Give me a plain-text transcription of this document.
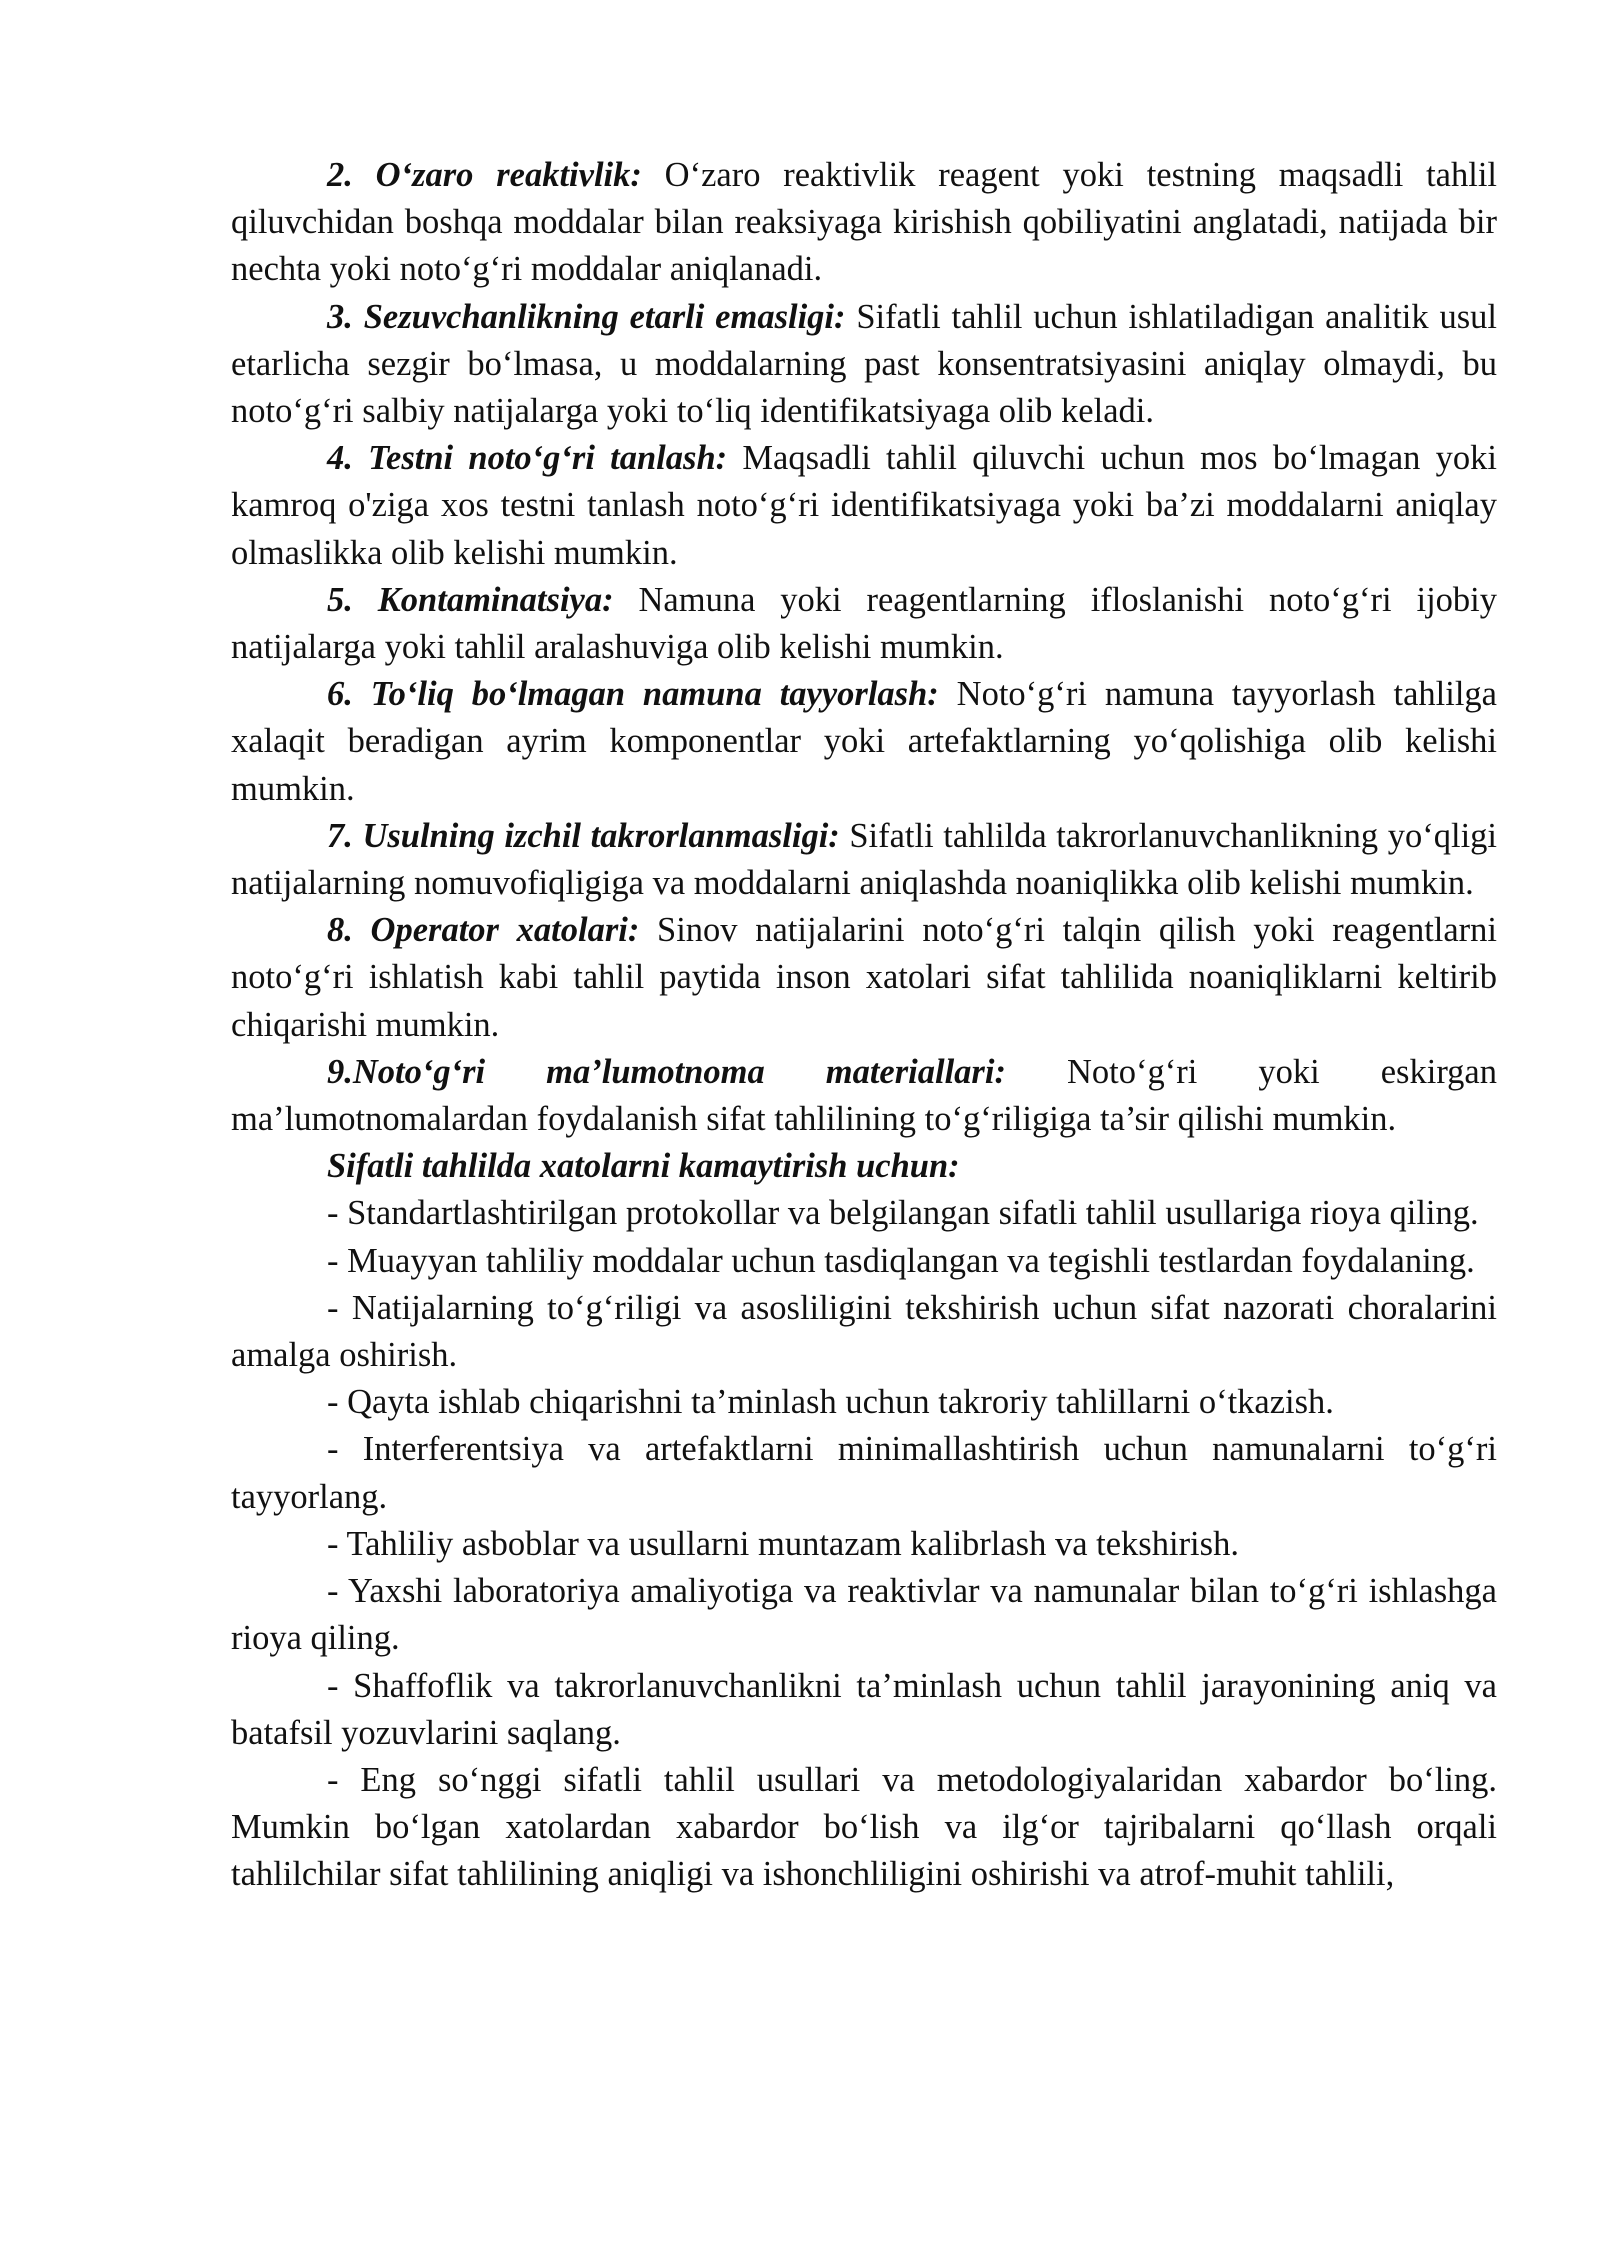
2. O‘zaro reaktivlik: O‘zaro reaktivlik reagent yoki testning maqsadli tahlil qiluvchidan boshqa moddalar bilan reaksiyaga kirishish qobiliyatini anglatadi, natijada bir nechta yoki noto‘g‘ri moddalar aniqlanadi.

3. Sezuvchanlikning etarli emasligi: Sifatli tahlil uchun ishlatiladigan analitik usul etarlicha sezgir bo‘lmasa, u moddalarning past konsentratsiyasini aniqlay olmaydi, bu noto‘g‘ri salbiy natijalarga yoki to‘liq identifikatsiyaga olib keladi.

4. Testni noto‘g‘ri tanlash: Maqsadli tahlil qiluvchi uchun mos bo‘lmagan yoki kamroq o'ziga xos testni tanlash noto‘g‘ri identifikatsiyaga yoki ba’zi moddalarni aniqlay olmaslikka olib kelishi mumkin.

5. Kontaminatsiya: Namuna yoki reagentlarning ifloslanishi noto‘g‘ri ijobiy natijalarga yoki tahlil aralashuviga olib kelishi mumkin.

6. To‘liq bo‘lmagan namuna tayyorlash: Noto‘g‘ri namuna tayyorlash tahlilga xalaqit beradigan ayrim komponentlar yoki artefaktlarning yo‘qolishiga olib kelishi mumkin.

7. Usulning izchil takrorlanmasligi: Sifatli tahlilda takrorlanuvchanlikning yo‘qligi natijalarning nomuvofiqligiga va moddalarni aniqlashda noaniqlikka olib kelishi mumkin.

8. Operator xatolari: Sinov natijalarini noto‘g‘ri talqin qilish yoki reagentlarni noto‘g‘ri ishlatish kabi tahlil paytida inson xatolari sifat tahlilida noaniqliklarni keltirib chiqarishi mumkin.

9.Noto‘g‘ri ma’lumotnoma materiallari: Noto‘g‘ri yoki eskirgan ma’lumotnomalardan foydalanish sifat tahlilining to‘g‘riligiga ta’sir qilishi mumkin.

Sifatli tahlilda xatolarni kamaytirish uchun:

- Standartlashtirilgan protokollar va belgilangan sifatli tahlil usullariga rioya qiling.

- Muayyan tahliliy moddalar uchun tasdiqlangan va tegishli testlardan foydalaning.

- Natijalarning to‘g‘riligi va asosliligini tekshirish uchun sifat nazorati choralarini amalga oshirish.

- Qayta ishlab chiqarishni ta’minlash uchun takroriy tahlillarni o‘tkazish.

- Interferentsiya va artefaktlarni minimallashtirish uchun namunalarni to‘g‘ri tayyorlang.

- Tahliliy asboblar va usullarni muntazam kalibrlash va tekshirish.

- Yaxshi laboratoriya amaliyotiga va reaktivlar va namunalar bilan to‘g‘ri ishlashga rioya qiling.

- Shaffoflik va takrorlanuvchanlikni ta’minlash uchun tahlil jarayonining aniq va batafsil yozuvlarini saqlang.

- Eng so‘nggi sifatli tahlil usullari va metodologiyalaridan xabardor bo‘ling. Mumkin bo‘lgan xatolardan xabardor bo‘lish va ilg‘or tajribalarni qo‘llash orqali tahlilchilar sifat tahlilining aniqligi va ishonchliligini oshirishi va atrof-muhit tahlili,
